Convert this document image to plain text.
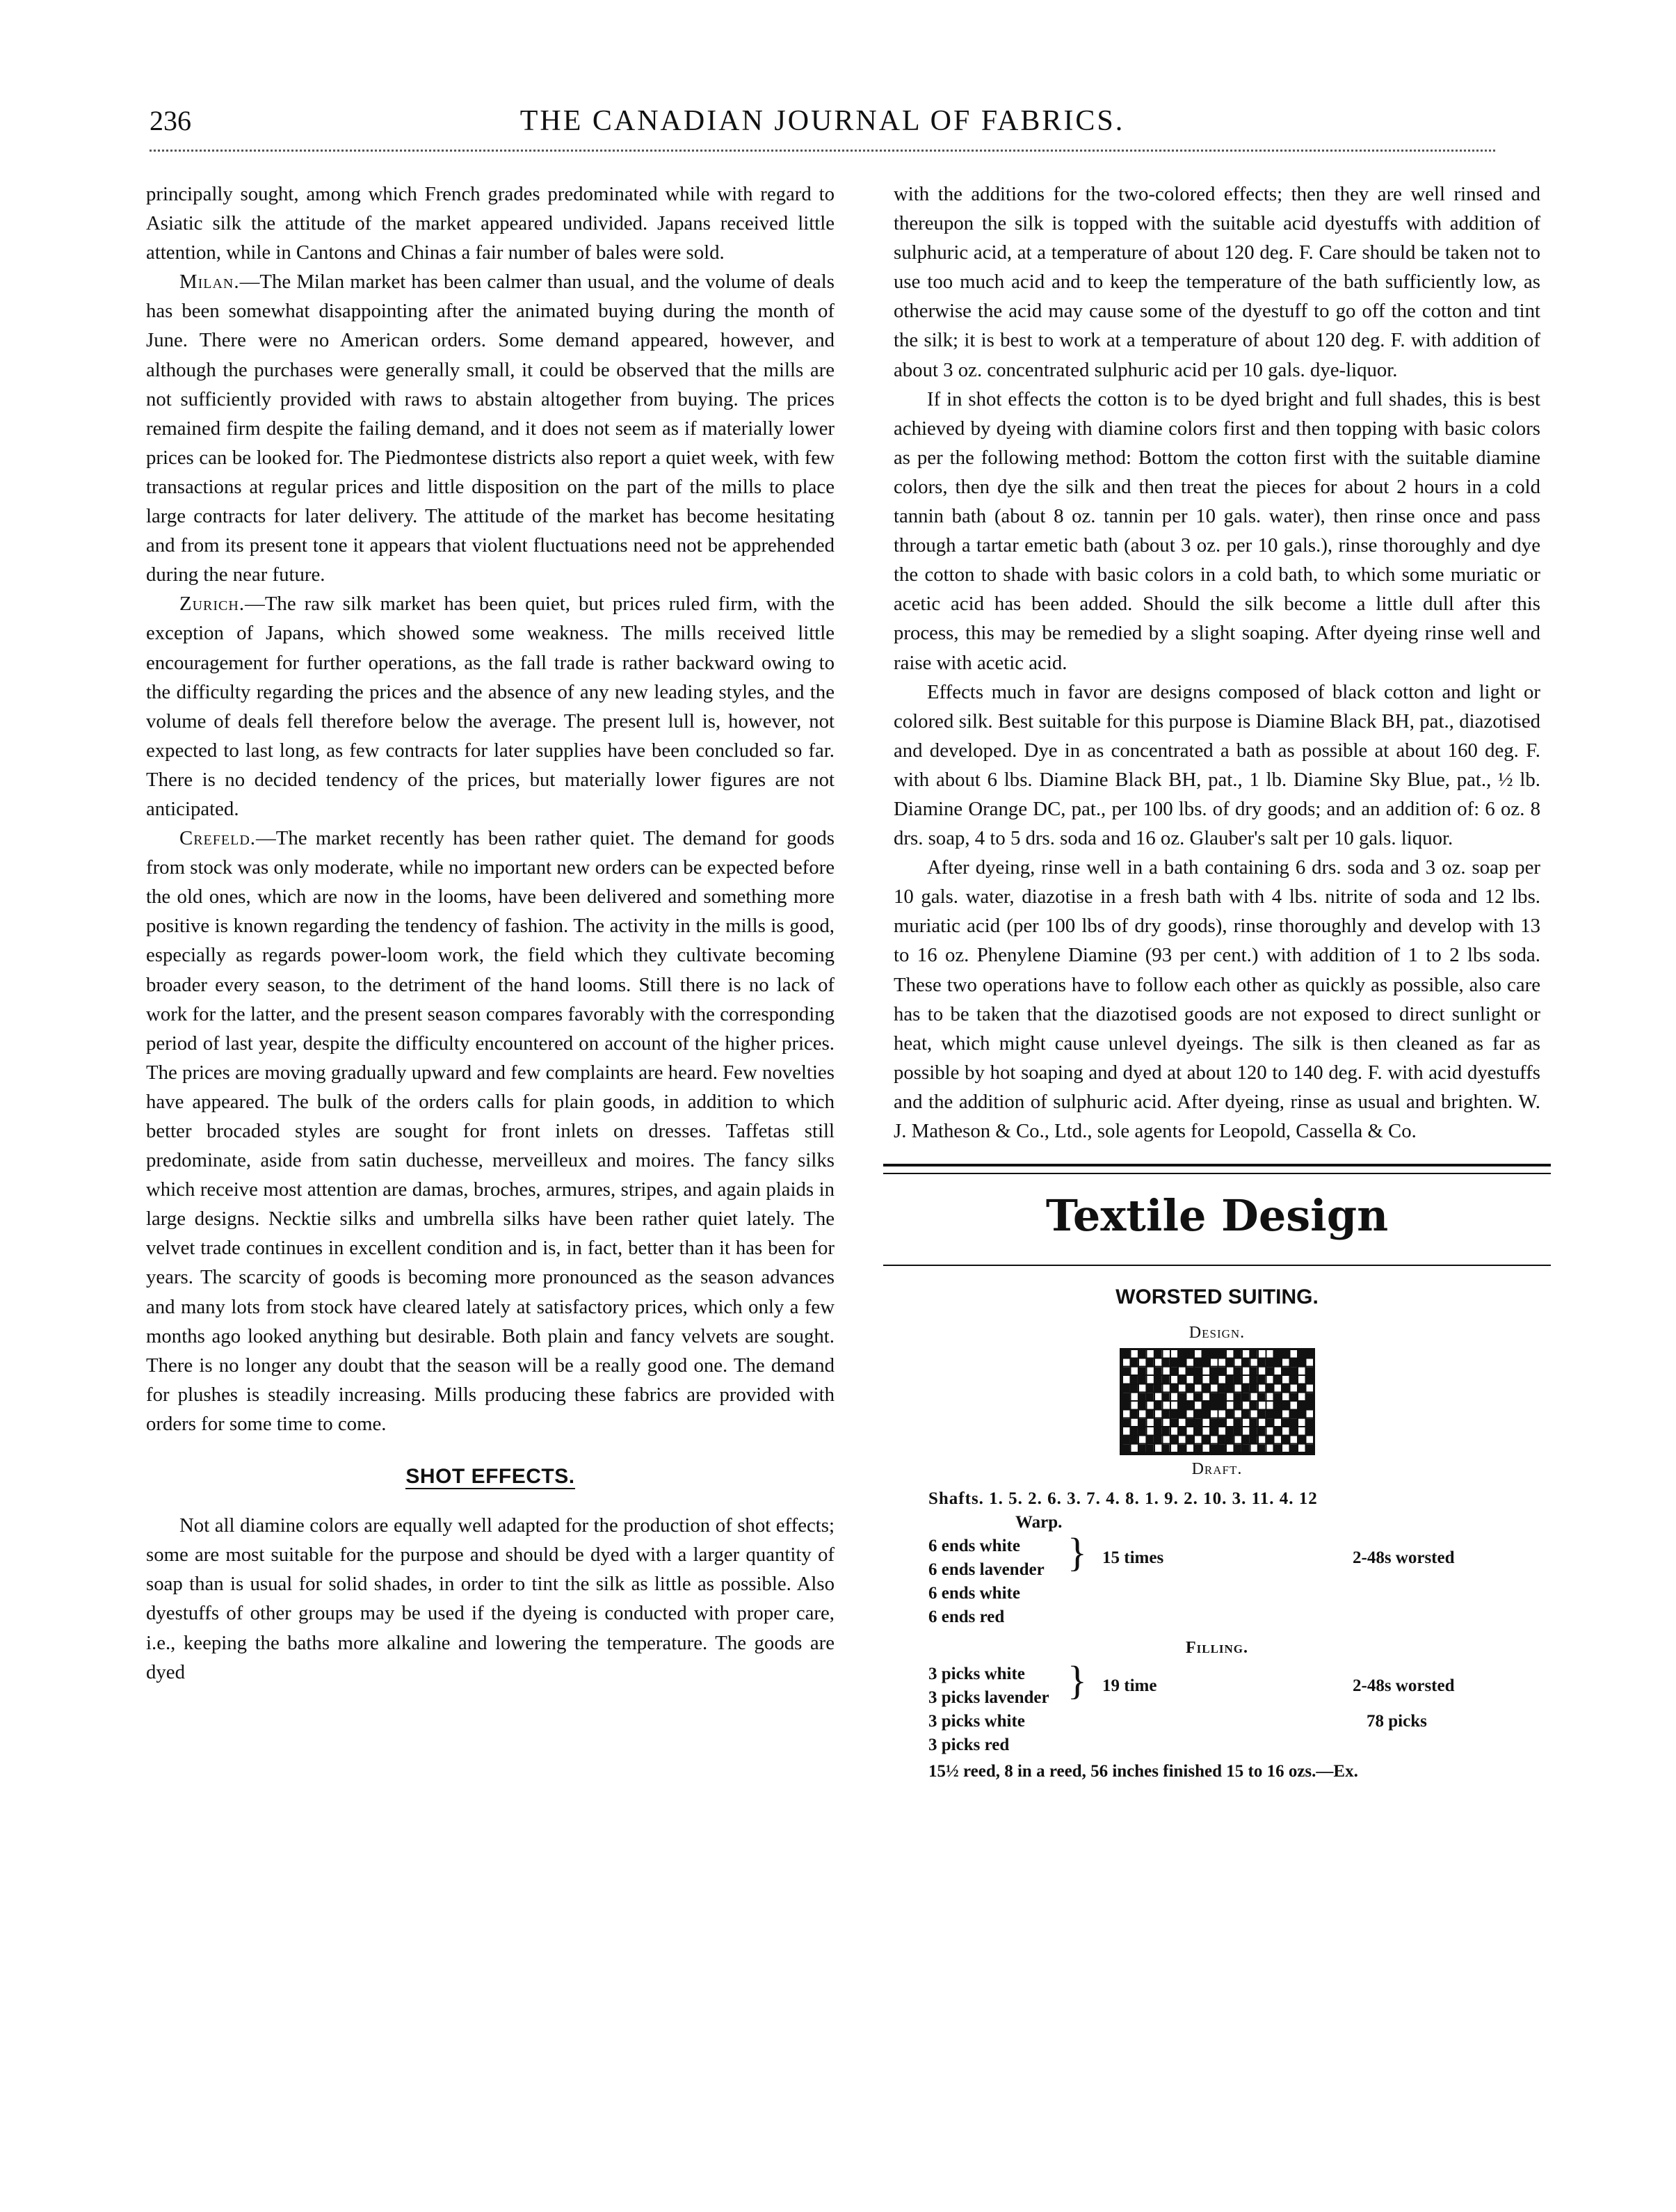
236	THE CANADIAN JOURNAL OF FABRICS.

principally sought, among which French grades predominated while with regard to Asiatic silk the attitude of the market appeared undivided. Japans received little attention, while in Cantons and Chinas a fair number of bales were sold.

Milan.—The Milan market has been calmer than usual, and the volume of deals has been somewhat disappointing after the animated buying during the month of June. There were no American orders. Some demand appeared, however, and although the purchases were generally small, it could be observed that the mills are not sufficiently provided with raws to abstain altogether from buying. The prices remained firm despite the failing demand, and it does not seem as if materially lower prices can be looked for. The Piedmontese districts also report a quiet week, with few transactions at regular prices and little disposition on the part of the mills to place large contracts for later delivery. The attitude of the market has become hesitating and from its present tone it appears that violent fluctuations need not be apprehended during the near future.

Zurich.—The raw silk market has been quiet, but prices ruled firm, with the exception of Japans, which showed some weakness. The mills received little encouragement for further operations, as the fall trade is rather backward owing to the difficulty regarding the prices and the absence of any new leading styles, and the volume of deals fell therefore below the average. The present lull is, however, not expected to last long, as few contracts for later supplies have been concluded so far. There is no decided tendency of the prices, but materially lower figures are not anticipated.

Crefeld.—The market recently has been rather quiet. The demand for goods from stock was only moderate, while no important new orders can be expected before the old ones, which are now in the looms, have been delivered and something more positive is known regarding the tendency of fashion. The activity in the mills is good, especially as regards power-loom work, the field which they cultivate becoming broader every season, to the detriment of the hand looms. Still there is no lack of work for the latter, and the present season compares favorably with the corresponding period of last year, despite the difficulty encountered on account of the higher prices. The prices are moving gradually upward and few complaints are heard. Few novelties have appeared. The bulk of the orders calls for plain goods, in addition to which better brocaded styles are sought for front inlets on dresses. Taffetas still predominate, aside from satin duchesse, merveilleux and moires. The fancy silks which receive most attention are damas, broches, armures, stripes, and again plaids in large designs. Necktie silks and umbrella silks have been rather quiet lately. The velvet trade continues in excellent condition and is, in fact, better than it has been for years. The scarcity of goods is becoming more pronounced as the season advances and many lots from stock have cleared lately at satisfactory prices, which only a few months ago looked anything but desirable. Both plain and fancy velvets are sought. There is no longer any doubt that the season will be a really good one. The demand for plushes is steadily increasing. Mills producing these fabrics are provided with orders for some time to come.

SHOT EFFECTS.

Not all diamine colors are equally well adapted for the production of shot effects; some are most suitable for the purpose and should be dyed with a larger quantity of soap than is usual for solid shades, in order to tint the silk as little as possible. Also dyestuffs of other groups may be used if the dyeing is conducted with proper care, i.e., keeping the baths more alkaline and lowering the temperature. The goods are dyed

with the additions for the two-colored effects; then they are well rinsed and thereupon the silk is topped with the suitable acid dyestuffs with addition of sulphuric acid, at a temperature of about 120 deg. F. Care should be taken not to use too much acid and to keep the temperature of the bath sufficiently low, as otherwise the acid may cause some of the dyestuff to go off the cotton and tint the silk; it is best to work at a temperature of about 120 deg. F. with addition of about 3 oz. concentrated sulphuric acid per 10 gals. dye-liquor.

If in shot effects the cotton is to be dyed bright and full shades, this is best achieved by dyeing with diamine colors first and then topping with basic colors as per the following method: Bottom the cotton first with the suitable diamine colors, then dye the silk and then treat the pieces for about 2 hours in a cold tannin bath (about 8 oz. tannin per 10 gals. water), then rinse once and pass through a tartar emetic bath (about 3 oz. per 10 gals.), rinse thoroughly and dye the cotton to shade with basic colors in a cold bath, to which some muriatic or acetic acid has been added. Should the silk become a little dull after this process, this may be remedied by a slight soaping. After dyeing rinse well and raise with acetic acid.

Effects much in favor are designs composed of black cotton and light or colored silk. Best suitable for this purpose is Diamine Black BH, pat., diazotised and developed. Dye in as concentrated a bath as possible at about 160 deg. F. with about 6 lbs. Diamine Black BH, pat., 1 lb. Diamine Sky Blue, pat., ½ lb. Diamine Orange DC, pat., per 100 lbs. of dry goods; and an addition of: 6 oz. 8 drs. soap, 4 to 5 drs. soda and 16 oz. Glauber's salt per 10 gals. liquor.

After dyeing, rinse well in a bath containing 6 drs. soda and 3 oz. soap per 10 gals. water, diazotise in a fresh bath with 4 lbs. nitrite of soda and 12 lbs. muriatic acid (per 100 lbs of dry goods), rinse thoroughly and develop with 13 to 16 oz. Phenylene Diamine (93 per cent.) with addition of 1 to 2 lbs soda. These two operations have to follow each other as quickly as possible, also care has to be taken that the diazotised goods are not exposed to direct sunlight or heat, which might cause unlevel dyeings. The silk is then cleaned as far as possible by hot soaping and dyed at about 120 to 140 deg. F. with acid dyestuffs and the addition of sulphuric acid. After dyeing, rinse as usual and brighten. W. J. Matheson & Co., Ltd., sole agents for Leopold, Cassella & Co.

Textile Design
WORSTED SUITING.
Design.
Draft.
Shafts. 1. 5. 2. 6. 3. 7. 4. 8. 1. 9. 2. 10. 3. 11. 4. 12
Warp.
6 ends white }
6 ends lavender
15 times	2-48s worsted
6 ends white
6 ends red
Filling.
3 picks white }
3 picks lavender
19 time	2-48s worsted
3 picks white	78 picks
3 picks red
15½ reed, 8 in a reed, 56 inches finished 15 to 16 ozs.—Ex.
